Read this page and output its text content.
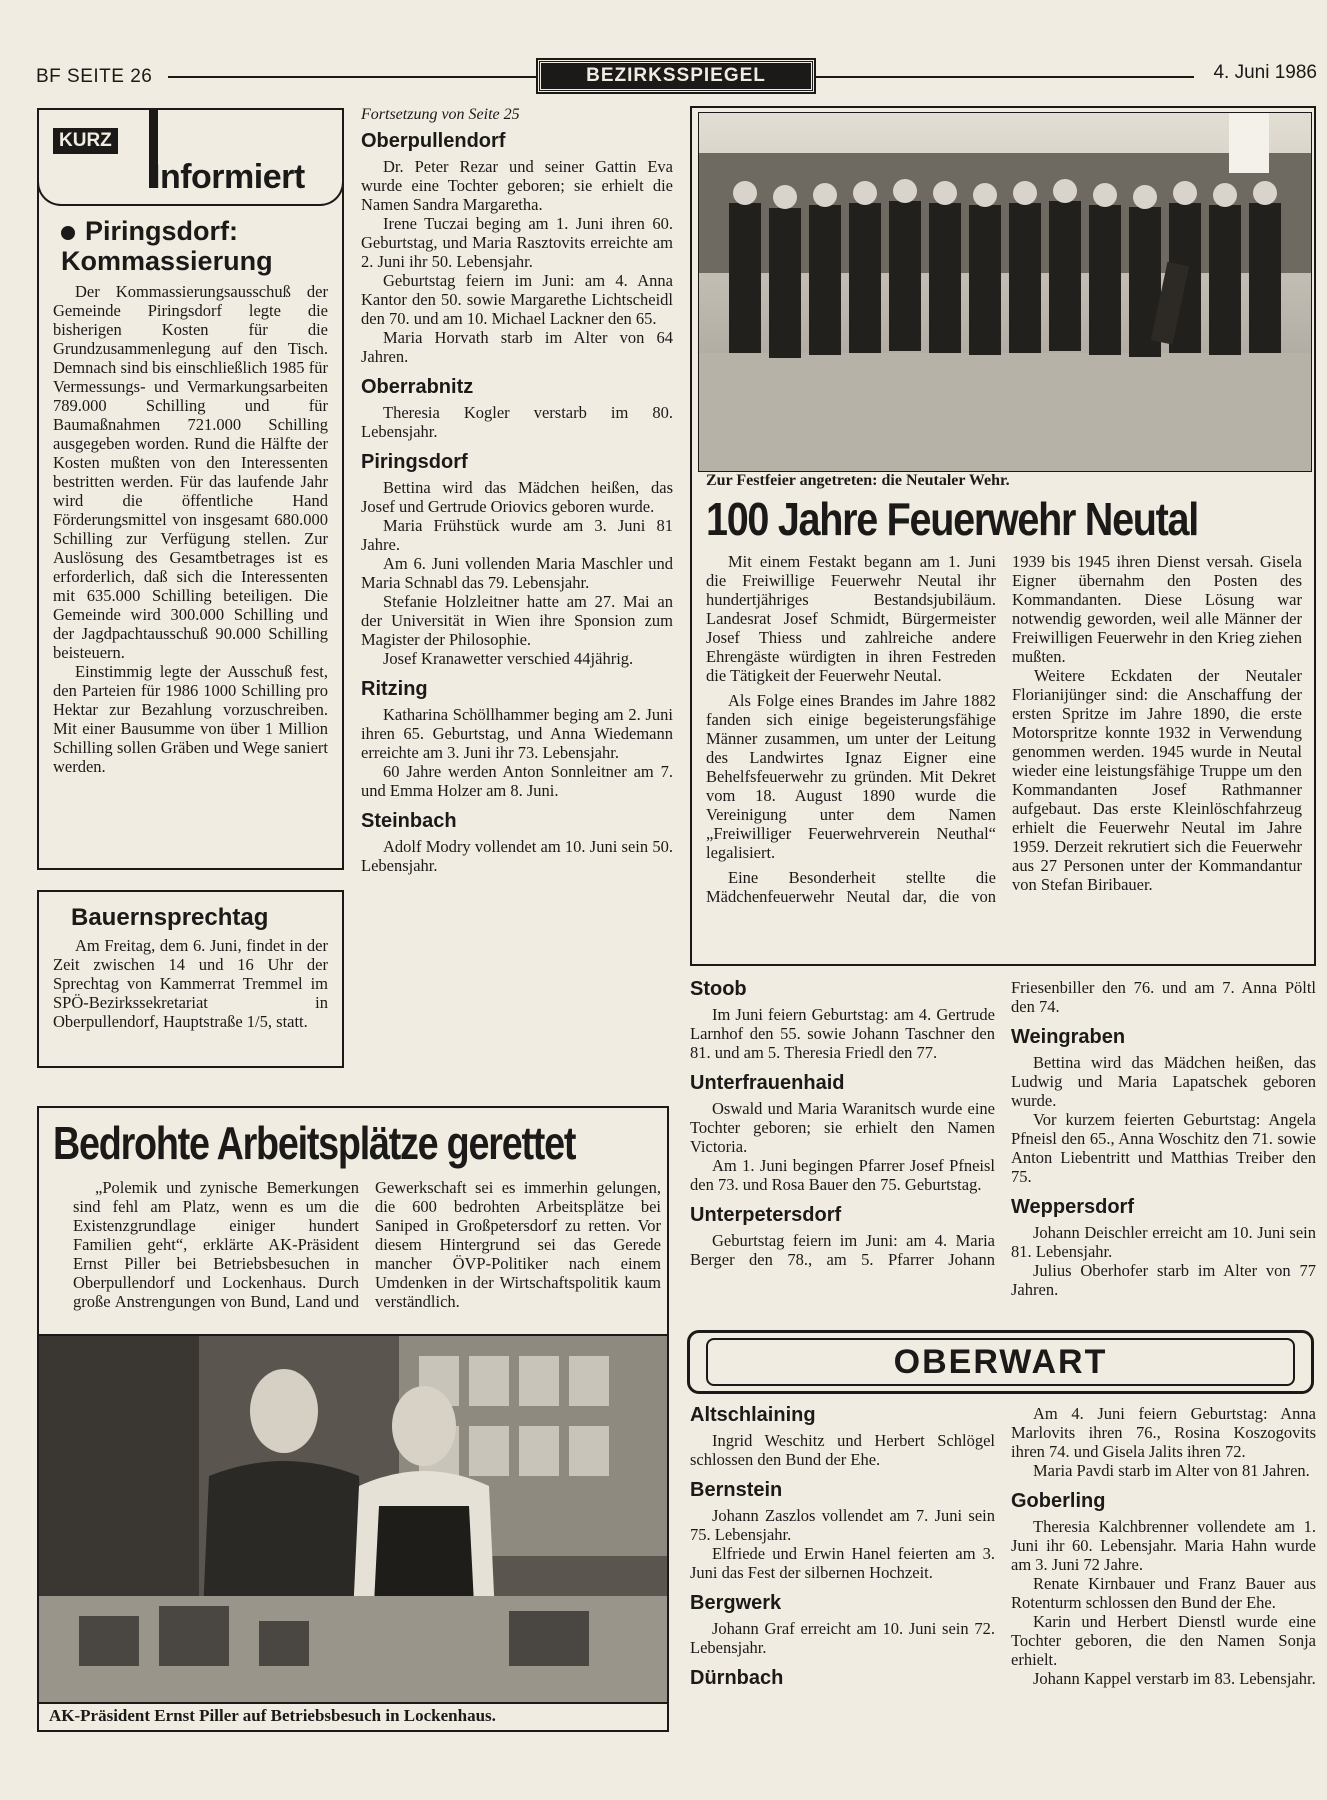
BF SEITE 26	BEZIRKSSPIEGEL	4. Juni 1986
KURZ
Informiert
Piringsdorf: Kommassierung

Der Kommassierungsausschuß der Gemeinde Piringsdorf legte die bisherigen Kosten für die Grundzusammenlegung auf den Tisch. Demnach sind bis einschließlich 1985 für Vermessungs- und Vermarkungsarbeiten 789.000 Schilling und für Baumaßnahmen 721.000 Schilling ausgegeben worden. Rund die Hälfte der Kosten mußten von den Interessenten bestritten werden. Für das laufende Jahr wird die öffentliche Hand Förderungsmittel von insgesamt 680.000 Schilling zur Verfügung stellen. Zur Auslösung des Gesamtbetrages ist es erforderlich, daß sich die Interessenten mit 635.000 Schilling beteiligen. Die Gemeinde wird 300.000 Schilling und der Jagdpachtausschuß 90.000 Schilling beisteuern.

Einstimmig legte der Ausschuß fest, den Parteien für 1986 1000 Schilling pro Hektar zur Bezahlung vorzuschreiben. Mit einer Bausumme von über 1 Million Schilling sollen Gräben und Wege saniert werden.

Bauernsprechtag

Am Freitag, dem 6. Juni, findet in der Zeit zwischen 14 und 16 Uhr der Sprechtag von Kammerrat Tremmel im SPÖ-Bezirkssekretariat in Oberpullendorf, Hauptstraße 1/5, statt.

Fortsetzung von Seite 25
Oberpullendorf

Dr. Peter Rezar und seiner Gattin Eva wurde eine Tochter geboren; sie erhielt die Namen Sandra Margaretha.

Irene Tuczai beging am 1. Juni ihren 60. Geburtstag, und Maria Rasztovits erreichte am 2. Juni ihr 50. Lebensjahr.

Geburtstag feiern im Juni: am 4. Anna Kantor den 50. sowie Margarethe Lichtscheidl den 70. und am 10. Michael Lackner den 65.

Maria Horvath starb im Alter von 64 Jahren.

Oberrabnitz

Theresia Kogler verstarb im 80. Lebensjahr.

Piringsdorf

Bettina wird das Mädchen heißen, das Josef und Gertrude Oriovics geboren wurde.

Maria Frühstück wurde am 3. Juni 81 Jahre.

Am 6. Juni vollenden Maria Maschler und Maria Schnabl das 79. Lebensjahr.

Stefanie Holzleitner hatte am 27. Mai an der Universität in Wien ihre Sponsion zum Magister der Philosophie.

Josef Kranawetter verschied 44jährig.

Ritzing

Katharina Schöllhammer beging am 2. Juni ihren 65. Geburtstag, und Anna Wiedemann erreichte am 3. Juni ihr 73. Lebensjahr.

60 Jahre werden Anton Sonnleitner am 7. und Emma Holzer am 8. Juni.

Steinbach

Adolf Modry vollendet am 10. Juni sein 50. Lebensjahr.

Zur Festfeier angetreten: die Neutaler Wehr.
100 Jahre Feuerwehr Neutal

Mit einem Festakt begann am 1. Juni die Freiwillige Feuerwehr Neutal ihr hundertjähriges Bestandsjubiläum. Landesrat Josef Schmidt, Bürgermeister Josef Thiess und zahlreiche andere Ehrengäste würdigten in ihren Festreden die Tätigkeit der Feuerwehr Neutal.

Als Folge eines Brandes im Jahre 1882 fanden sich einige begeisterungsfähige Männer zusammen, um unter der Leitung des Landwirtes Ignaz Eigner eine Behelfsfeuerwehr zu gründen. Mit Dekret vom 18. August 1890 wurde die Vereinigung unter dem Namen „Freiwilliger Feuerwehrverein Neuthal“ legalisiert.

Eine Besonderheit stellte die Mädchenfeuerwehr Neutal dar, die von 1939 bis 1945 ihren Dienst versah. Gisela Eigner übernahm den Posten des Kommandanten. Diese Lösung war notwendig geworden, weil alle Männer der Freiwilligen Feuerwehr in den Krieg ziehen mußten.

Weitere Eckdaten der Neutaler Florianijünger sind: die Anschaffung der ersten Spritze im Jahre 1890, die erste Motorspritze konnte 1932 in Verwendung genommen werden. 1945 wurde in Neutal wieder eine leistungsfähige Truppe um den Kommandanten Josef Rathmanner aufgebaut. Das erste Kleinlöschfahrzeug erhielt die Feuerwehr Neutal im Jahre 1959. Derzeit rekrutiert sich die Feuerwehr aus 27 Personen unter der Kommandantur von Stefan Biribauer.

Bedrohte Arbeitsplätze gerettet

„Polemik und zynische Bemerkungen sind fehl am Platz, wenn es um die Existenzgrundlage einiger hundert Familien geht“, erklärte AK-Präsident Ernst Piller bei Betriebsbesuchen in Oberpullendorf und Lockenhaus. Durch große Anstrengungen von Bund, Land und Gewerkschaft sei es immerhin gelungen, die 600 bedrohten Arbeitsplätze bei Saniped in Großpetersdorf zu retten. Vor diesem Hintergrund sei das Gerede mancher ÖVP-Politiker nach einem Umdenken in der Wirtschaftspolitik kaum verständlich.

AK-Präsident Ernst Piller auf Betriebsbesuch in Lockenhaus.
Stoob

Im Juni feiern Geburtstag: am 4. Gertrude Larnhof den 55. sowie Johann Taschner den 81. und am 5. Theresia Friedl den 77.

Unterfrauenhaid

Oswald und Maria Waranitsch wurde eine Tochter geboren; sie erhielt den Namen Victoria.

Am 1. Juni begingen Pfarrer Josef Pfneisl den 73. und Rosa Bauer den 75. Geburtstag.

Unterpetersdorf

Geburtstag feiern im Juni: am 4. Maria Berger den 78., am 5. Pfarrer Johann Friesenbiller den 76. und am 7. Anna Pöltl den 74.

Weingraben

Bettina wird das Mädchen heißen, das Ludwig und Maria Lapatschek geboren wurde.

Vor kurzem feierten Geburtstag: Angela Pfneisl den 65., Anna Woschitz den 71. sowie Anton Liebentritt und Matthias Treiber den 75.

Weppersdorf

Johann Deischler erreicht am 10. Juni sein 81. Lebensjahr.

Julius Oberhofer starb im Alter von 77 Jahren.

OBERWART
Altschlaining

Ingrid Weschitz und Herbert Schlögel schlossen den Bund der Ehe.

Bernstein

Johann Zaszlos vollendet am 7. Juni sein 75. Lebensjahr.

Elfriede und Erwin Hanel feierten am 3. Juni das Fest der silbernen Hochzeit.

Bergwerk

Johann Graf erreicht am 10. Juni sein 72. Lebensjahr.

Dürnbach

Am 4. Juni feiern Geburtstag: Anna Marlovits ihren 76., Rosina Koszogovits ihren 74. und Gisela Jalits ihren 72.

Maria Pavdi starb im Alter von 81 Jahren.

Goberling

Theresia Kalchbrenner vollendete am 1. Juni ihr 60. Lebensjahr. Maria Hahn wurde am 3. Juni 72 Jahre.

Renate Kirnbauer und Franz Bauer aus Rotenturm schlossen den Bund der Ehe.

Karin und Herbert Dienstl wurde eine Tochter geboren, die den Namen Sonja erhielt.

Johann Kappel verstarb im 83. Lebensjahr.
